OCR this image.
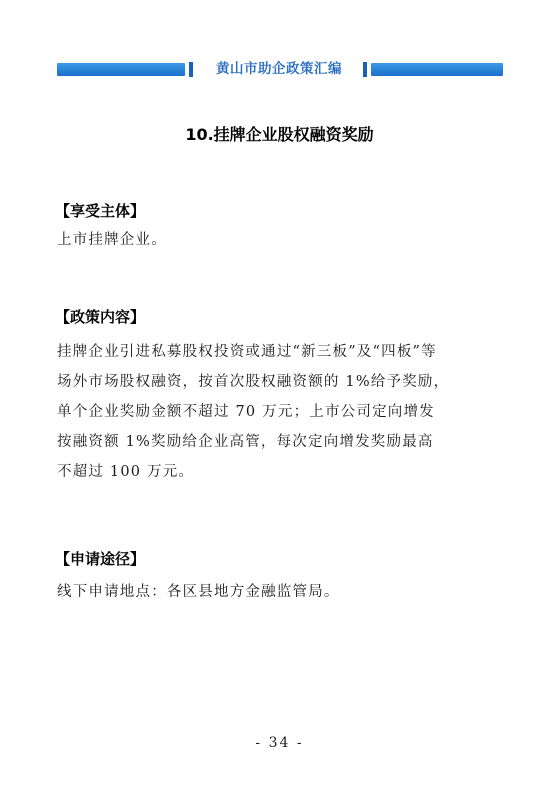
黄山市助企政策汇编
10.挂牌企业股权融资奖励
【享受主体】
上市挂牌企业。
【政策内容】
挂牌企业引进私募股权投资或通过“新三板”及“四板”等
场外市场股权融资，按首次股权融资额的 1%给予奖励，
单个企业奖励金额不超过 70 万元；上市公司定向增发
按融资额 1%奖励给企业高管，每次定向增发奖励最高
不超过 100 万元。
【申请途径】
线下申请地点：各区县地方金融监管局。
- 34 -
